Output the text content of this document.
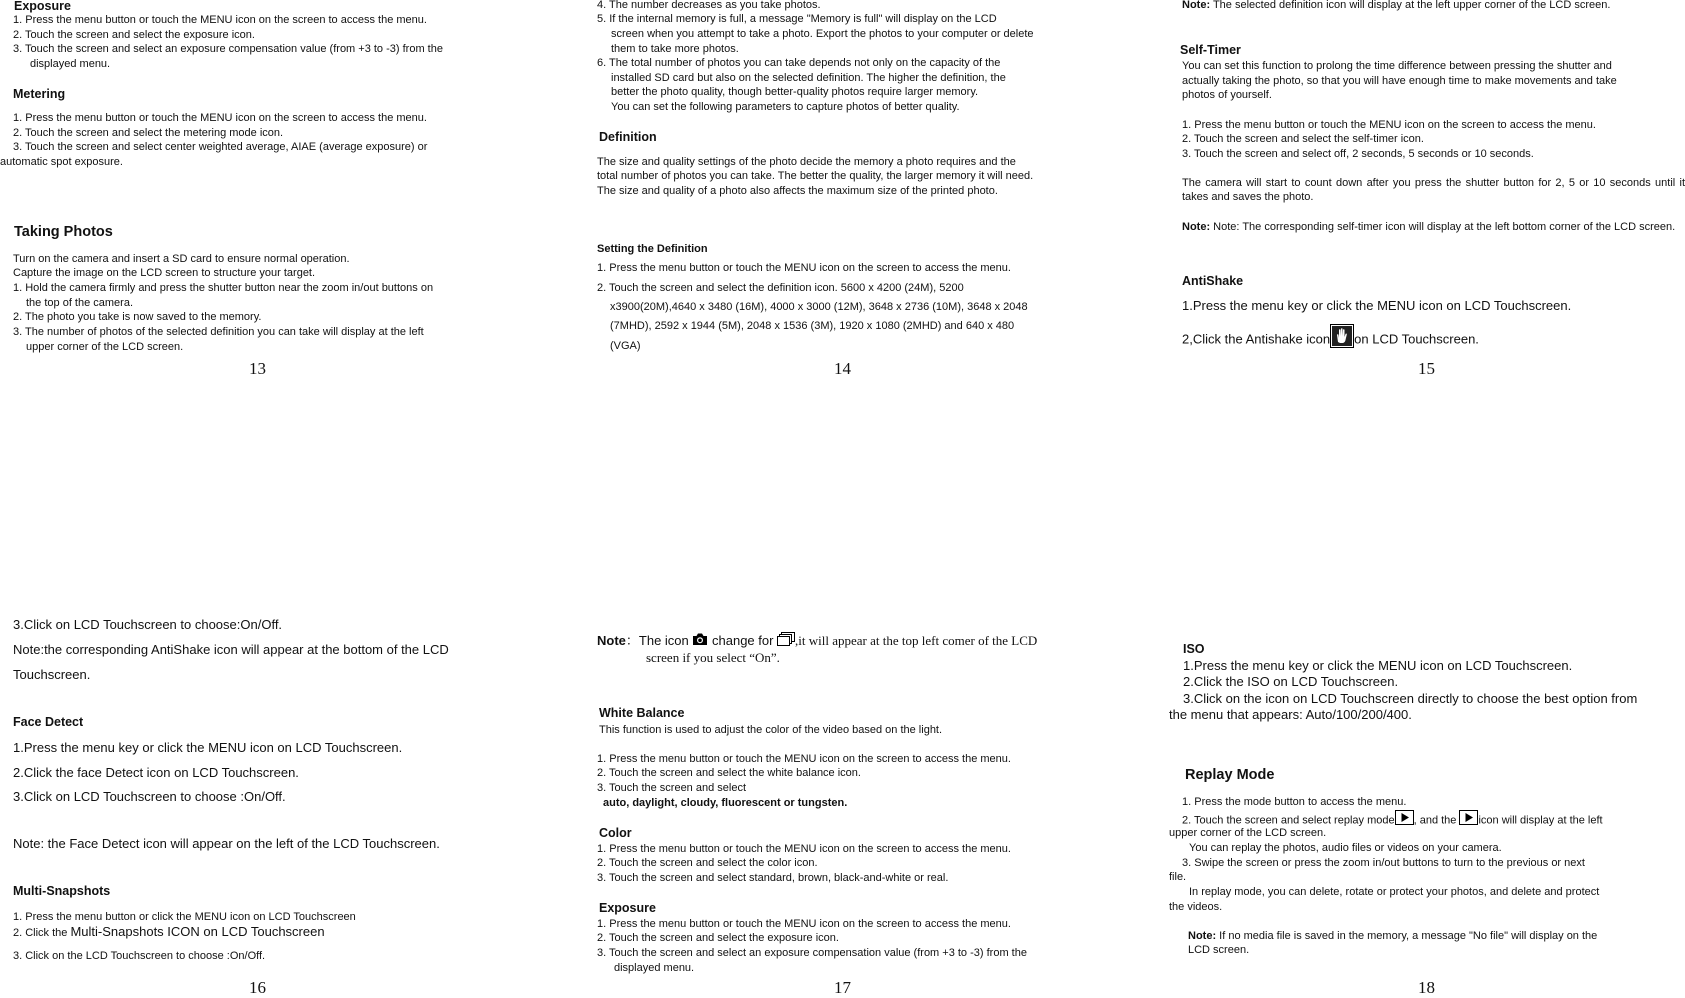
Exposure
1. Press the menu button or touch the MENU icon on the screen to access the menu.
2. Touch the screen and select the exposure icon.
3. Touch the screen and select an exposure compensation value (from +3 to -3) from the
displayed menu.
Metering
1. Press the menu button or touch the MENU icon on the screen to access the menu.
2. Touch the screen and select the metering mode icon.
3. Touch the screen and select center weighted average, AIAE (average exposure) or
automatic spot exposure.
Taking Photos
Turn on the camera and insert a SD card to ensure normal operation.
Capture the image on the LCD screen to structure your target.
1. Hold the camera firmly and press the shutter button near the zoom in/out buttons on
the top of the camera.
2. The photo you take is now saved to the memory.
3. The number of photos of the selected definition you can take will display at the left
upper corner of the LCD screen.
13
4. The number decreases as you take photos.
5. If the internal memory is full, a message "Memory is full" will display on the LCD
screen when you attempt to take a photo. Export the photos to your computer or delete
them to take more photos.
6. The total number of photos you can take depends not only on the capacity of the
installed SD card but also on the selected definition. The higher the definition, the
better the photo quality, though better-quality photos require larger memory.
You can set the following parameters to capture photos of better quality.
Definition
The size and quality settings of the photo decide the memory a photo requires and the
total number of photos you can take. The better the quality, the larger memory it will need.
The size and quality of a photo also affects the maximum size of the printed photo.
Setting the Definition
1. Press the menu button or touch the MENU icon on the screen to access the menu.
2. Touch the screen and select the definition icon. 5600 x 4200 (24M), 5200
x3900(20M),4640 x 3480 (16M), 4000 x 3000 (12M), 3648 x 2736 (10M), 3648 x 2048
(7MHD), 2592 x 1944 (5M), 2048 x 1536 (3M), 1920 x 1080 (2MHD) and 640 x 480
(VGA)
14
Note: The selected definition icon will display at the left upper corner of the LCD screen.
Self-Timer
You can set this function to prolong the time difference between pressing the shutter and
actually taking the photo, so that you will have enough time to make movements and take
photos of yourself.
1. Press the menu button or touch the MENU icon on the screen to access the menu.
2. Touch the screen and select the self-timer icon.
3. Touch the screen and select off, 2 seconds, 5 seconds or 10 seconds.
The camera will start to count down after you press the shutter button for 2, 5 or 10 seconds until it takes and saves the photo.
Note: Note: The corresponding self-timer icon will display at the left bottom corner of the LCD screen.
AntiShake
1.Press the menu key or click the MENU icon on LCD Touchscreen.
2,Click the Antishake icon on LCD Touchscreen.
15
3.Click on LCD Touchscreen to choose:On/Off.
Note:the corresponding AntiShake icon will appear at the bottom of the LCD
Touchscreen.
Face Detect
1.Press the menu key or click the MENU icon on LCD Touchscreen.
2.Click the face Detect icon on LCD Touchscreen.
3.Click on LCD Touchscreen to choose :On/Off.
Note: the Face Detect icon will appear on the left of the LCD Touchscreen.
Multi-Snapshots
1. Press the menu button or click the MENU icon on LCD Touchscreen
2. Click the Multi-Snapshots ICON on LCD Touchscreen
3. Click on the LCD Touchscreen to choose :On/Off.
16
Note：The icon  change for ,it will appear at the top left comer of the LCD
screen if you select “On”.
White Balance
This function is used to adjust the color of the video based on the light.
1. Press the menu button or touch the MENU icon on the screen to access the menu.
2. Touch the screen and select the white balance icon.
3. Touch the screen and select
auto, daylight, cloudy, fluorescent or tungsten.
Color
1. Press the menu button or touch the MENU icon on the screen to access the menu.
2. Touch the screen and select the color icon.
3. Touch the screen and select standard, brown, black-and-white or real.
Exposure
1. Press the menu button or touch the MENU icon on the screen to access the menu.
2. Touch the screen and select the exposure icon.
3. Touch the screen and select an exposure compensation value (from +3 to -3) from the
displayed menu.
17
ISO
1.Press the menu key or click the MENU icon on LCD Touchscreen.
2.Click the ISO on LCD Touchscreen.
3.Click on the icon on LCD Touchscreen directly to choose the best option from
the menu that appears: Auto/100/200/400.
Replay Mode
1. Press the mode button to access the menu.
2. Touch the screen and select replay mode , and the icon will display at the left
upper corner of the LCD screen.
You can replay the photos, audio files or videos on your camera.
3. Swipe the screen or press the zoom in/out buttons to turn to the previous or next
file.
In replay mode, you can delete, rotate or protect your photos, and delete and protect
the videos.
Note: If no media file is saved in the memory, a message "No file" will display on the
LCD screen.
18
